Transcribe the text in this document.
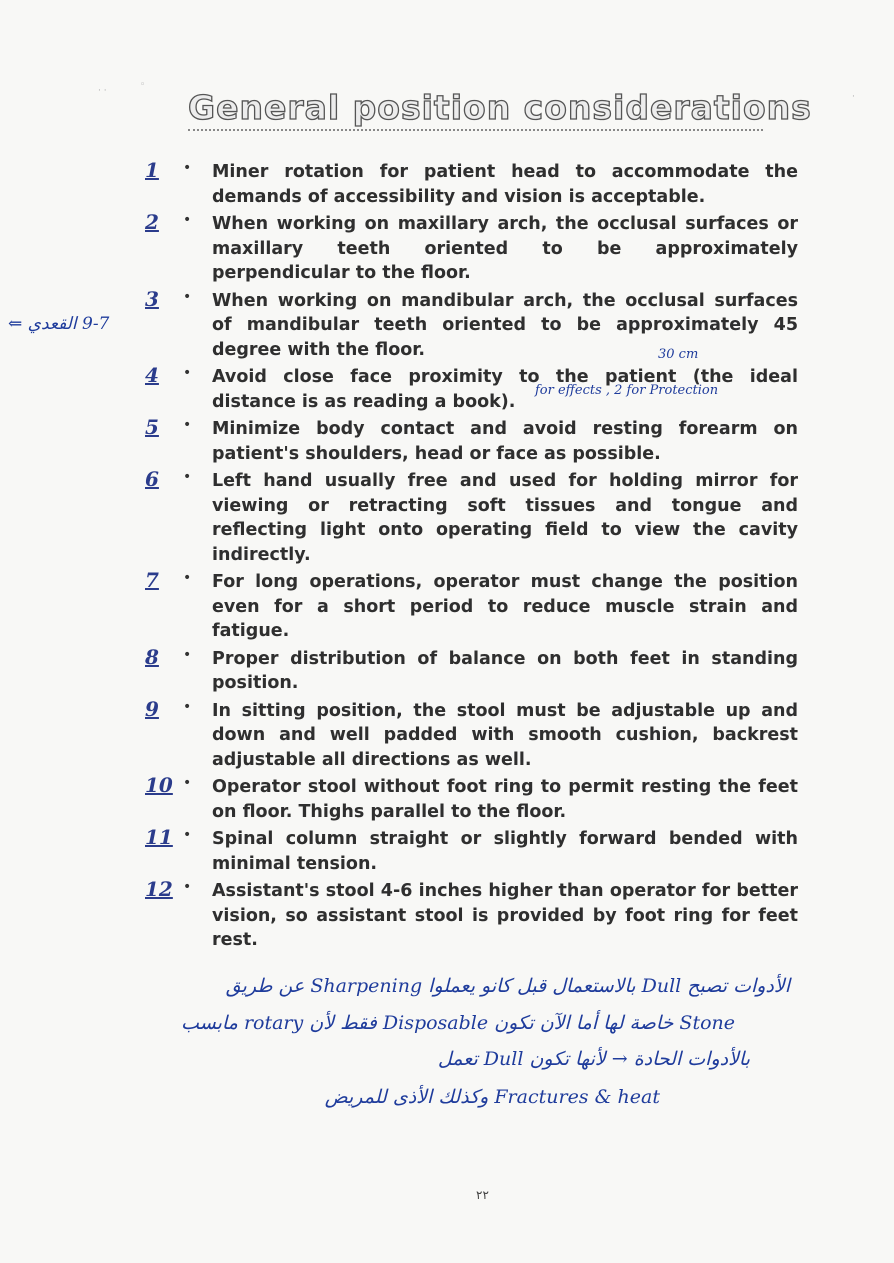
· ·
◦
·
General position considerations
9-7 القعدي ⇐
30 cm
for effects , 2 for Protection
1 • Miner rotation for patient head to accommodate the demands of accessibility and vision is acceptable.
2 • When working on maxillary arch, the occlusal surfaces or maxillary teeth oriented to be approximately perpendicular to the floor.
3 • When working on mandibular arch, the occlusal surfaces of mandibular teeth oriented to be approximately 45 degree with the floor.
4 • Avoid close face proximity to the patient (the ideal distance is as reading a book).
5 • Minimize body contact and avoid resting forearm on patient's shoulders, head or face as possible.
6 • Left hand usually free and used for holding mirror for viewing or retracting soft tissues and tongue and reflecting light onto operating field to view the cavity indirectly.
7 • For long operations, operator must change the position even for a short period to reduce muscle strain and fatigue.
8 • Proper distribution of balance on both feet in standing position.
9 • In sitting position, the stool must be adjustable up and down and well padded with smooth cushion, backrest adjustable all directions as well.
10 • Operator stool without foot ring to permit resting the feet on floor. Thighs parallel to the floor.
11 • Spinal column straight or slightly forward bended with minimal tension.
12 • Assistant's stool 4-6 inches higher than operator for better vision, so assistant stool is provided by foot ring for feet rest.
الأدوات تصبح Dull بالاستعمال قبل كانو يعملوا Sharpening عن طريق
Stone خاصة لها أما الآن تكون Disposable فقط لأن rotary مابسب
بالأدوات الحادة → لأنها تكون Dull تعمل
Fractures & heat وكذلك الأذى للمريض
٢٢
